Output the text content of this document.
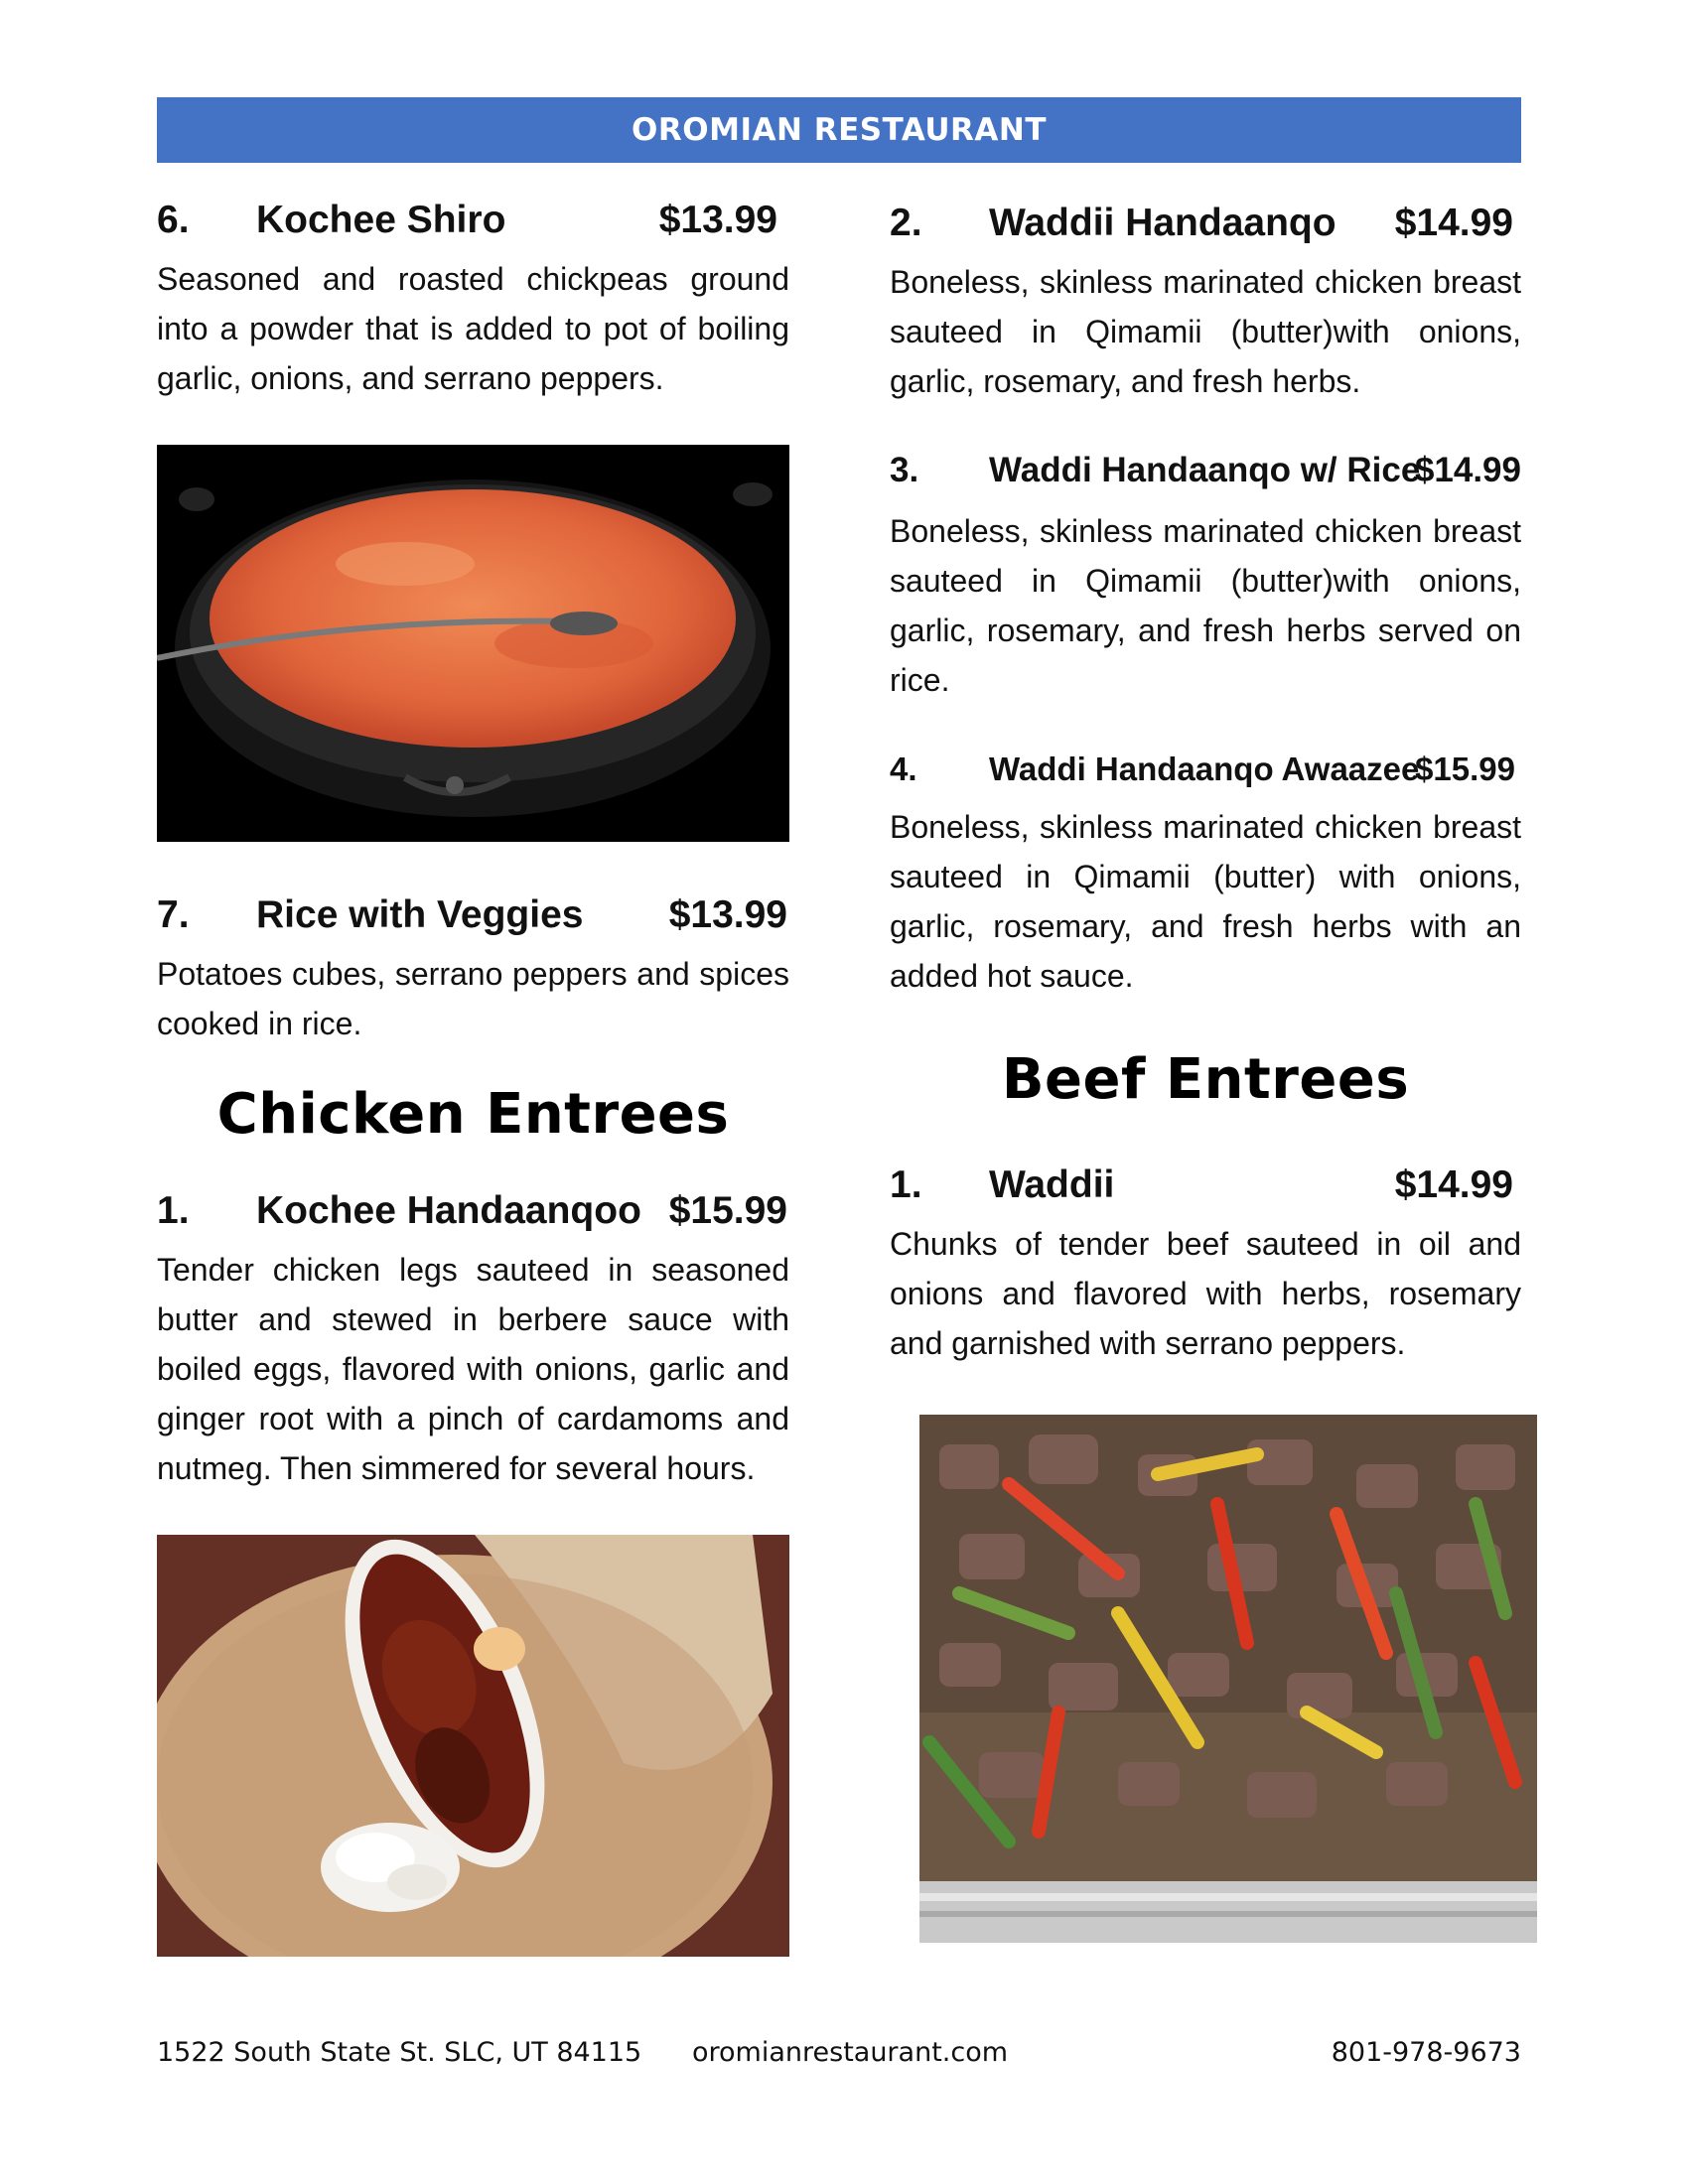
OROMIAN RESTAURANT
6. Kochee Shiro	$13.99
Seasoned and roasted chickpeas ground into a powder that is added to pot of boiling garlic, onions, and serrano peppers.
7. Rice with Veggies $13.99
Potatoes cubes, serrano peppers and spices cooked in rice.
Chicken Entrees
1. Kochee Handaanqoo $15.99
Tender chicken legs sauteed in seasoned butter and stewed in berbere sauce with boiled eggs, flavored with onions, garlic and ginger root with a pinch of cardamoms and nutmeg. Then simmered for several hours.
2. Waddii Handaanqo $14.99
Boneless, skinless marinated chicken breast sauteed in Qimamii (butter)with onions, garlic, rosemary, and fresh herbs.
3. Waddi Handaanqo w/ Rice
$14.99
Boneless, skinless marinated chicken breast sauteed in Qimamii (butter)with onions, garlic, rosemary, and fresh herbs served on rice.
4. Waddi Handaanqo Awaazee
$15.99
Boneless, skinless marinated chicken breast sauteed in Qimamii (butter) with onions, garlic, rosemary, and fresh herbs with an added hot sauce.
Beef Entrees
1. Waddii	$14.99
Chunks of tender beef sauteed in oil and onions and flavored with herbs, rosemary and garnished with serrano peppers.
1522 South State St. SLC, UT 84115 oromianrestaurant.com	801-978-9673
